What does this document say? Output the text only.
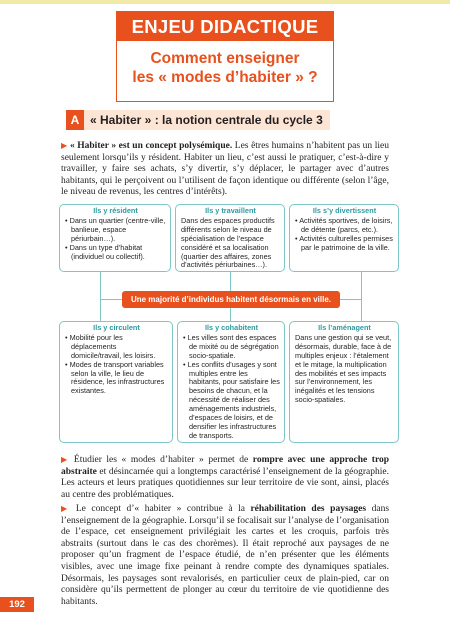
ENJEU DIDACTIQUE
Comment enseigner
les « modes d’habiter » ?
A « Habiter » : la notion centrale du cycle 3
▶ « Habiter » est un concept polysémique. Les êtres humains n’habitent pas un lieu seulement lorsqu’ils y résident. Habiter un lieu, c’est aussi le pratiquer, c’est-à-dire y travailler, y faire ses achats, s’y divertir, s’y déplacer, le partager avec d’autres habitants, qui le perçoivent ou l’utilisent de façon identique ou différente (selon l’âge, le niveau de revenus, les centres d’intérêts).
Ils y résident
• Dans un quartier (centre-ville, banlieue, espace périurbain…).
• Dans un type d’habitat (individuel ou collectif).
Ils y travaillent
Dans des espaces productifs différents selon le niveau de spécialisation de l’espace considéré et sa localisation (quartier des affaires, zones d’activités périurbaines…).
Ils s’y divertissent
• Activités sportives, de loisirs, de détente (parcs, etc.).
• Activités culturelles permises par le patrimoine de la ville.
Une majorité d’individus habitent désormais en ville.
Ils y circulent
• Mobilité pour les déplacements domicile/travail, les loisirs.
• Modes de transport variables selon la ville, le lieu de résidence, les infrastructures existantes.
Ils y cohabitent
• Les villes sont des espaces de mixité ou de ségrégation socio-spatiale.
• Les conflits d’usages y sont multiples entre les habitants, pour satisfaire les besoins de chacun, et la nécessité de réaliser des aménagements industriels, d’espaces de loisirs, et de densifier les infrastructures de transports.
Ils l’aménagent
Dans une gestion qui se veut, désormais, durable, face à de multiples enjeux : l’étalement et le mitage, la multiplication des mobilités et ses impacts sur l’environnement, les inégalités et les tensions socio-spatiales.
▶ Étudier les « modes d’habiter » permet de rompre avec une approche trop abstraite et désincarnée qui a longtemps caractérisé l’enseignement de la géographie. Les acteurs et leurs pratiques quotidiennes sur leur territoire de vie sont, ainsi, placés au centre des problématiques.
▶ Le concept d’« habiter » contribue à la réhabilitation des paysages dans l’enseignement de la géographie. Lorsqu’il se focalisait sur l’analyse de l’organisation de l’espace, cet enseignement privilégiait les cartes et les croquis, parfois très abstraits (surtout dans le cas des chorèmes). Il était reproché aux paysages de ne proposer qu’un fragment de l’espace étudié, de n’en présenter que les éléments visibles, avec une image fixe peinant à rendre compte des dynamiques spatiales. Désormais, les paysages sont revalorisés, en particulier ceux de plain-pied, car on considère qu’ils permettent de plonger au cœur du territoire de vie quotidienne des habitants.
192
